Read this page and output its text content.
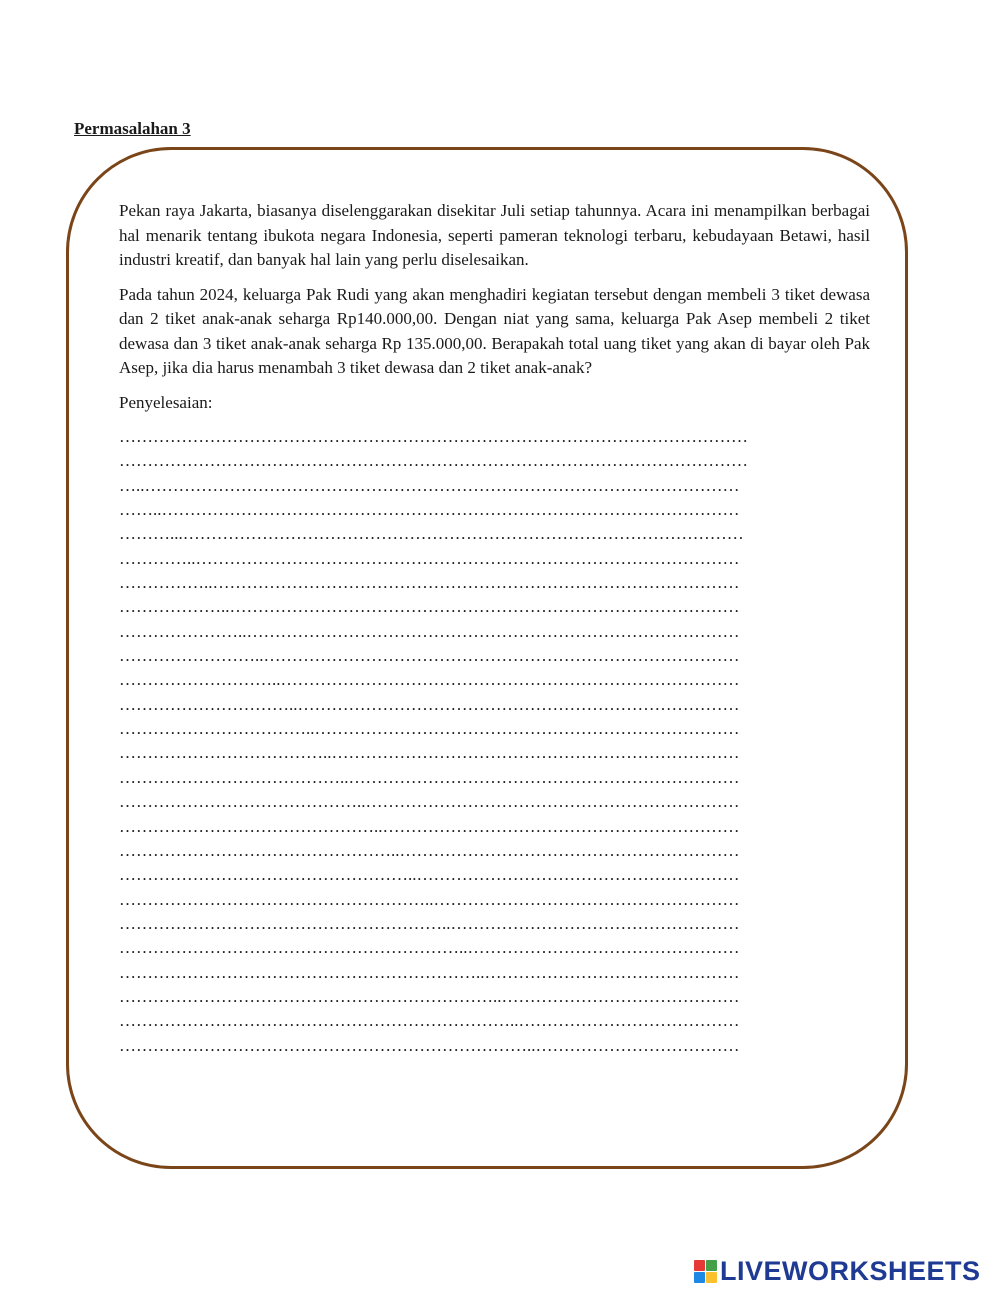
Permasalahan 3

Pekan raya Jakarta, biasanya diselenggarakan disekitar Juli setiap tahunnya. Acara ini menampilkan berbagai hal menarik tentang ibukota negara Indonesia, seperti pameran teknologi terbaru, kebudayaan Betawi, hasil industri kreatif, dan banyak hal lain yang perlu diselesaikan.

Pada tahun 2024, keluarga Pak Rudi yang akan menghadiri kegiatan tersebut dengan membeli 3 tiket dewasa dan 2 tiket anak-anak seharga Rp140.000,00. Dengan niat yang sama, keluarga Pak Asep membeli 2 tiket dewasa dan 3 tiket anak-anak seharga Rp 135.000,00. Berapakah total uang tiket yang akan di bayar oleh Pak Asep, jika dia harus menambah 3 tiket dewasa dan 2 tiket anak-anak?

Penyelesaian:

…………………………………………………………………………………………………
…………………………………………………………………………………………………
…..……………………………………………………………………………………………
……..…………………………………………………………………………………………
………...………………………………………………………………………………………
…………..……………………………………………………………………………………
……………..…………………………………………………………………………………
………………..………………………………………………………………………………
…………………..……………………………………………………………………………
……………………..…………………………………………………………………………
………………………..………………………………………………………………………
…………………………..……………………………………………………………………
……………………………..…………………………………………………………………
………………………………..………………………………………………………………
…………………………………..……………………………………………………………
……………………………………..…………………………………………………………
………………………………………..………………………………………………………
…………………………………………..……………………………………………………
……………………………………………..…………………………………………………
………………………………………………..………………………………………………
…………………………………………………..……………………………………………
……………………………………………………..…………………………………………
………………………………………………………..………………………………………
…………………………………………………………..……………………………………
……………………………………………………………..…………………………………
………………………………………………………………..………………………………
LIVEWORKSHEETS
